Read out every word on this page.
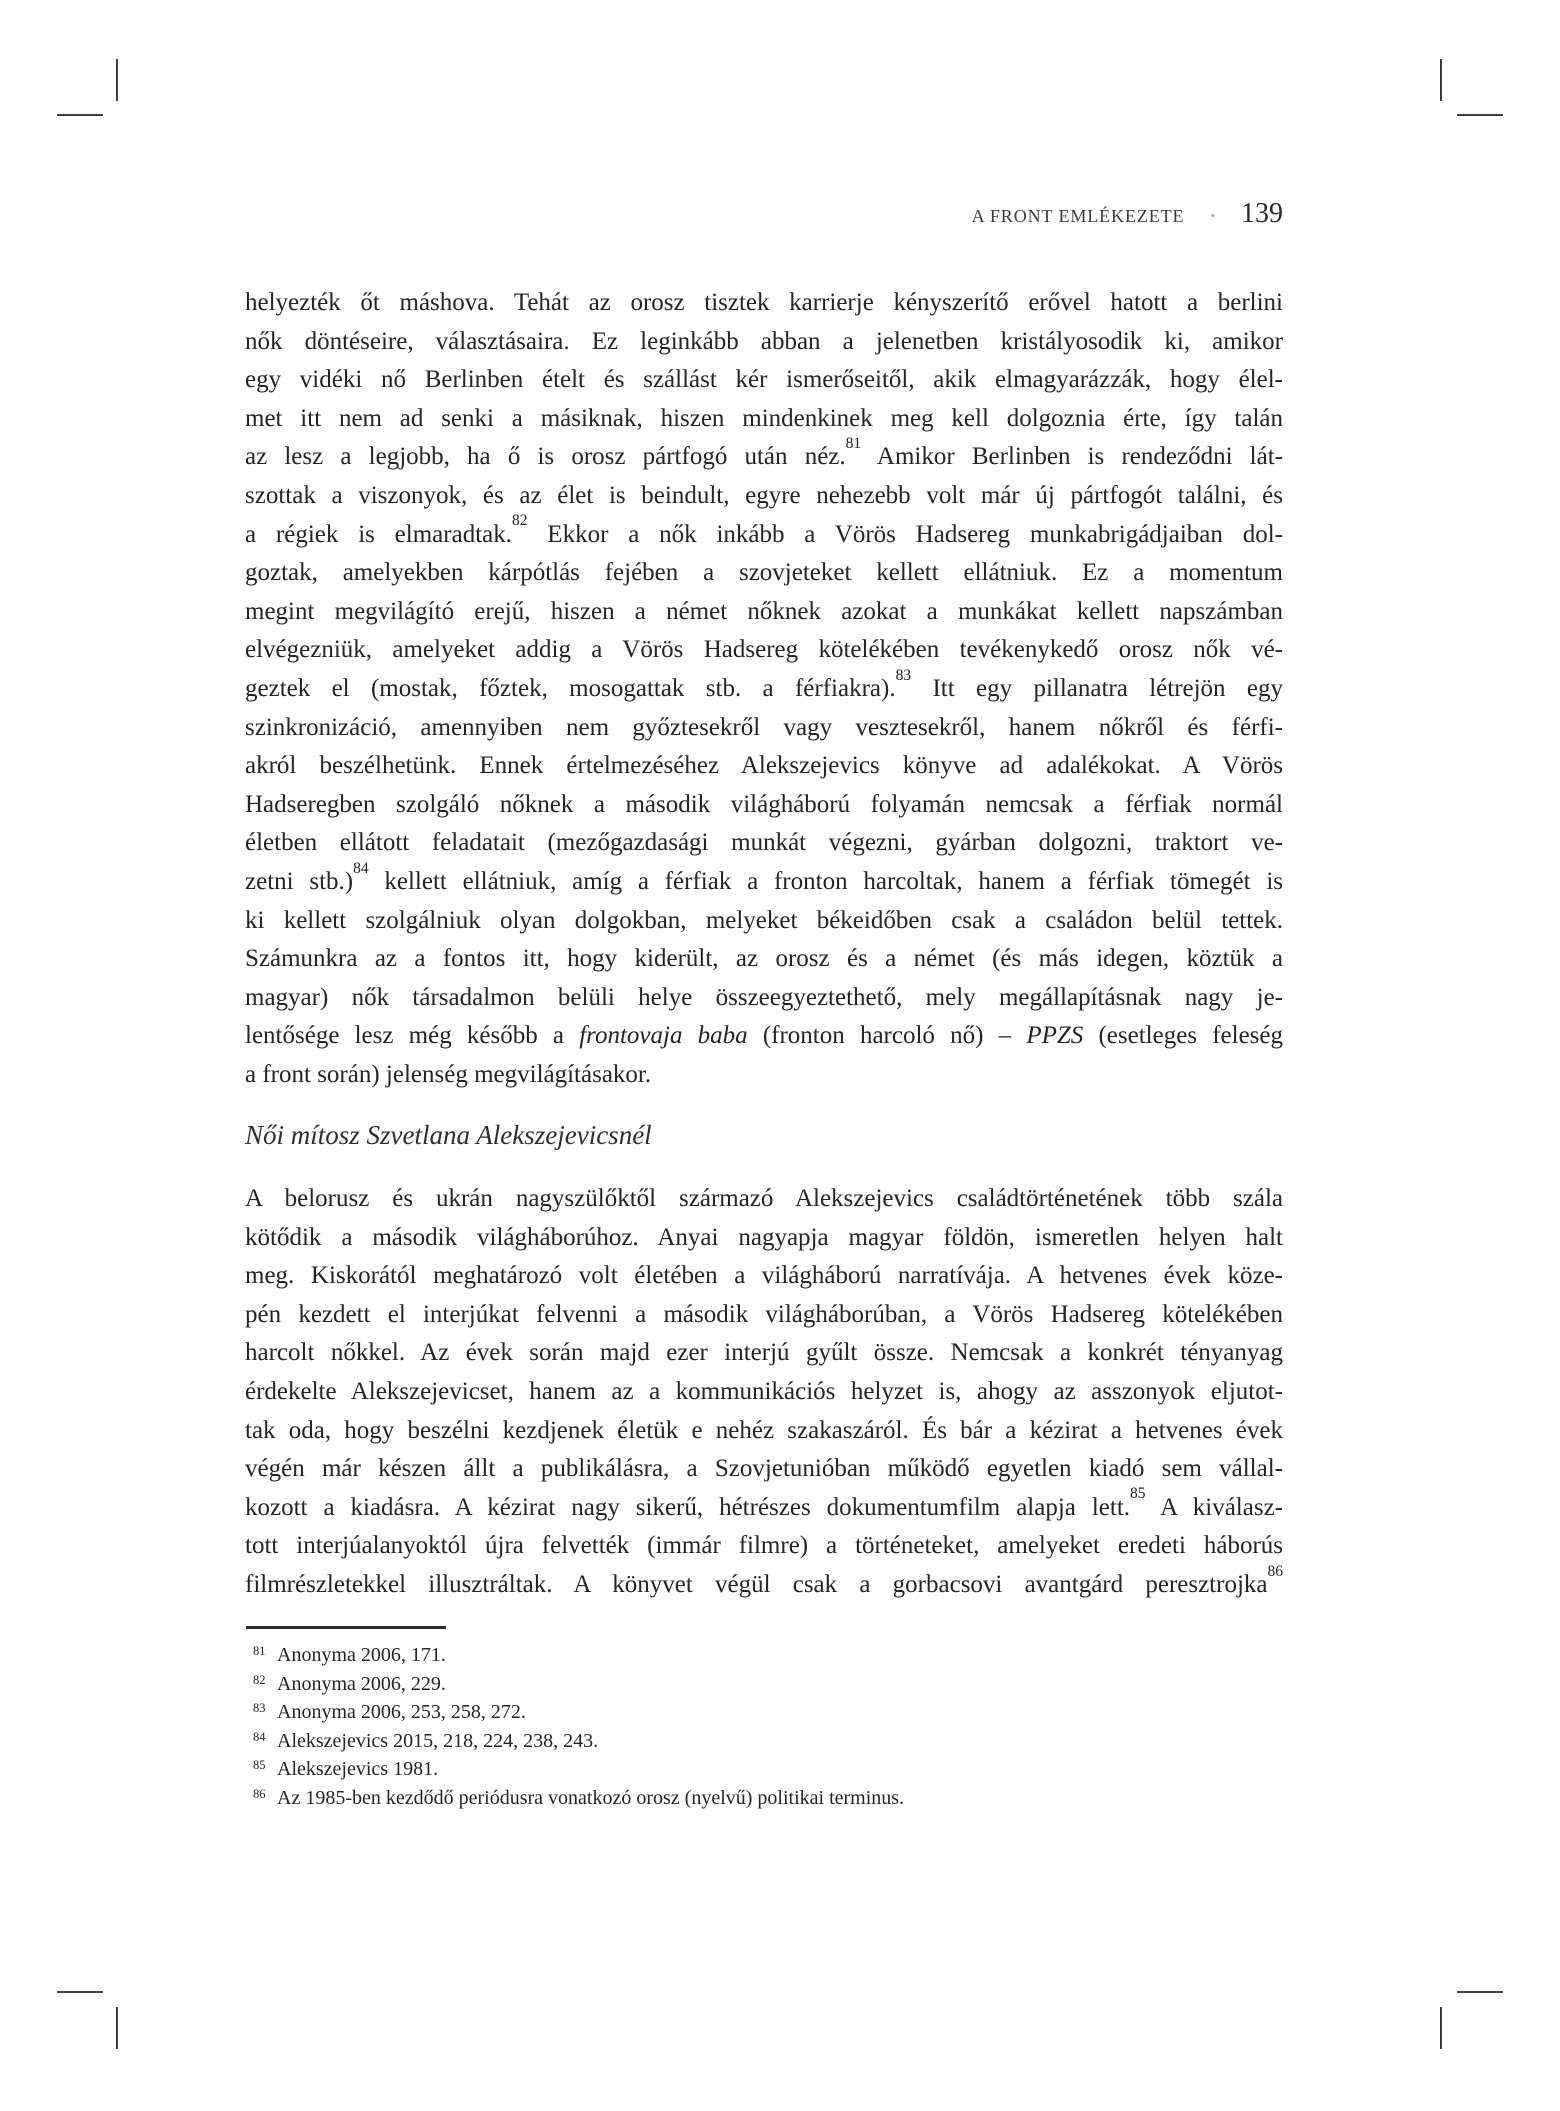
A FRONT EMLÉKEZETE • 139
helyezték őt máshova. Tehát az orosz tisztek karrierje kényszerítő erővel hatott a berlini
nők döntéseire, választásaira. Ez leginkább abban a jelenetben kristályosodik ki, amikor
egy vidéki nő Berlinben ételt és szállást kér ismerőseitől, akik elmagyarázzák, hogy élel-
met itt nem ad senki a másiknak, hiszen mindenkinek meg kell dolgoznia érte, így talán
az lesz a legjobb, ha ő is orosz pártfogó után néz.$^{81}$ Amikor Berlinben is rendeződni lát-
szottak a viszonyok, és az élet is beindult, egyre nehezebb volt már új pártfogót találni, és
a régiek is elmaradtak.$^{82}$ Ekkor a nők inkább a Vörös Hadsereg munkabrigádjaiban dol-
goztak, amelyekben kárpótlás fejében a szovjeteket kellett ellátniuk. Ez a momentum
megint megvilágító erejű, hiszen a német nőknek azokat a munkákat kellett napszámban
elvégezniük, amelyeket addig a Vörös Hadsereg kötelékében tevékenykedő orosz nők vé-
geztek el (mostak, főztek, mosogattak stb. a férfiakra).$^{83}$ Itt egy pillanatra létrejön egy
szinkronizáció, amennyiben nem győztesekről vagy vesztesekről, hanem nőkről és férfi-
akról beszélhetünk. Ennek értelmezéséhez Alekszejevics könyve ad adalékokat. A Vörös
Hadseregben szolgáló nőknek a második világháború folyamán nemcsak a férfiak normál
életben ellátott feladatait (mezőgazdasági munkát végezni, gyárban dolgozni, traktort ve-
zetni stb.)$^{84}$ kellett ellátniuk, amíg a férfiak a fronton harcoltak, hanem a férfiak tömegét is
ki kellett szolgálniuk olyan dolgokban, melyeket békeidőben csak a családon belül tettek.
Számunkra az a fontos itt, hogy kiderült, az orosz és a német (és más idegen, köztük a
magyar) nők társadalmon belüli helye összeegyeztethető, mely megállapításnak nagy je-
lentősége lesz még később a frontovaja baba (fronton harcoló nő) – PPZS (esetleges feleség
a front során) jelenség megvilágításakor.
Női mítosz Szvetlana Alekszejevicsnél
A belorusz és ukrán nagyszülőktől származó Alekszejevics családtörténetének több szála
kötődik a második világháborúhoz. Anyai nagyapja magyar földön, ismeretlen helyen halt
meg. Kiskorától meghatározó volt életében a világháború narratívája. A hetvenes évek köze-
pén kezdett el interjúkat felvenni a második világháborúban, a Vörös Hadsereg kötelékében
harcolt nőkkel. Az évek során majd ezer interjú gyűlt össze. Nemcsak a konkrét tényanyag
érdekelte Alekszejevicset, hanem az a kommunikációs helyzet is, ahogy az asszonyok eljutot-
tak oda, hogy beszélni kezdjenek életük e nehéz szakaszáról. És bár a kézirat a hetvenes évek
végén már készen állt a publikálásra, a Szovjetunióban működő egyetlen kiadó sem vállal-
kozott a kiadásra. A kézirat nagy sikerű, hétrészes dokumentumfilm alapja lett.$^{85}$ A kiválasz-
tott interjúalanyoktól újra felvették (immár filmre) a történeteket, amelyeket eredeti háborús
filmrészletekkel illusztráltak. A könyvet végül csak a gorbacsovi avantgárd peresztrojka$^{86}$
81 Anonyma 2006, 171.
82 Anonyma 2006, 229.
83 Anonyma 2006, 253, 258, 272.
84 Alekszejevics 2015, 218, 224, 238, 243.
85 Alekszejevics 1981.
86 Az 1985-ben kezdődő periódusra vonatkozó orosz (nyelvű) politikai terminus.
